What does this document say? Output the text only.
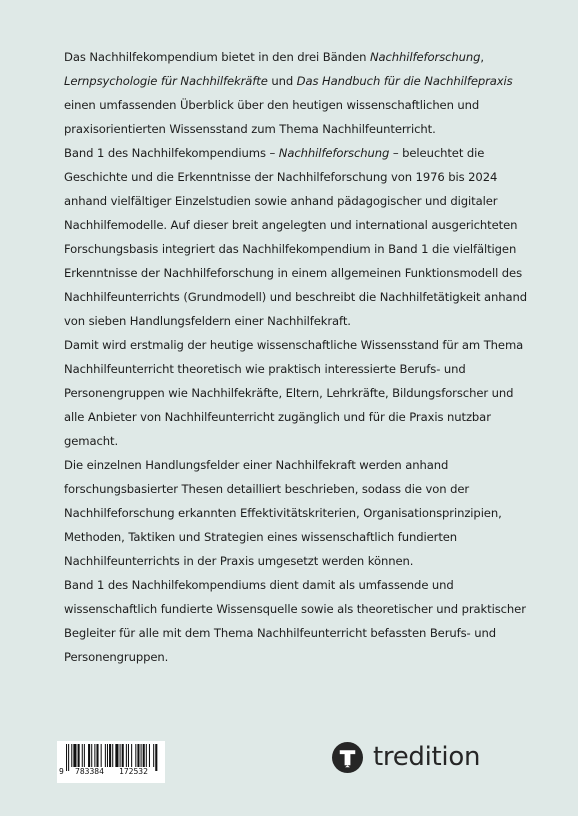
Das Nachhilfekompendium bietet in den drei Bänden Nachhilfeforschung,
Lernpsychologie für Nachhilfekräfte und Das Handbuch für die Nachhilfepraxis einen umfassenden Überblick über den heutigen wissenschaftlichen und praxisorientierten Wissensstand zum Thema Nachhilfeunterricht.

Band 1 des Nachhilfekompendiums – Nachhilfeforschung – beleuchtet die Geschichte und die Erkenntnisse der Nachhilfeforschung von 1976 bis 2024 anhand vielfältiger Einzelstudien sowie anhand pädagogischer und digitaler Nachhilfemodelle. Auf dieser breit angelegten und international ausgerichteten Forschungsbasis integriert das Nachhilfekompendium in Band 1 die vielfältigen Erkenntnisse der Nachhilfeforschung in einem allgemeinen Funktionsmodell des Nachhilfeunterrichts (Grundmodell) und beschreibt die Nachhilfetätigkeit anhand von sieben Handlungsfeldern einer Nachhilfekraft.

Damit wird erstmalig der heutige wissenschaftliche Wissensstand für am Thema Nachhilfeunterricht theoretisch wie praktisch interessierte Berufs- und Personengruppen wie Nachhilfekräfte, Eltern, Lehrkräfte, Bildungsforscher und alle Anbieter von Nachhilfeunterricht zugänglich und für die Praxis nutzbar gemacht.

Die einzelnen Handlungsfelder einer Nachhilfekraft werden anhand forschungsbasierter Thesen detailliert beschrieben, sodass die von der Nachhilfeforschung erkannten Effektivitätskriterien, Organisationsprinzipien, Methoden, Taktiken und Strategien eines wissenschaftlich fundierten Nachhilfeunterrichts in der Praxis umgesetzt werden können.

Band 1 des Nachhilfekompendiums dient damit als umfassende und wissenschaftlich fundierte Wissensquelle sowie als theoretischer und praktischer Begleiter für alle mit dem Thema Nachhilfeunterricht befassten Berufs- und Personengruppen.

9 783384 172532	tredition
